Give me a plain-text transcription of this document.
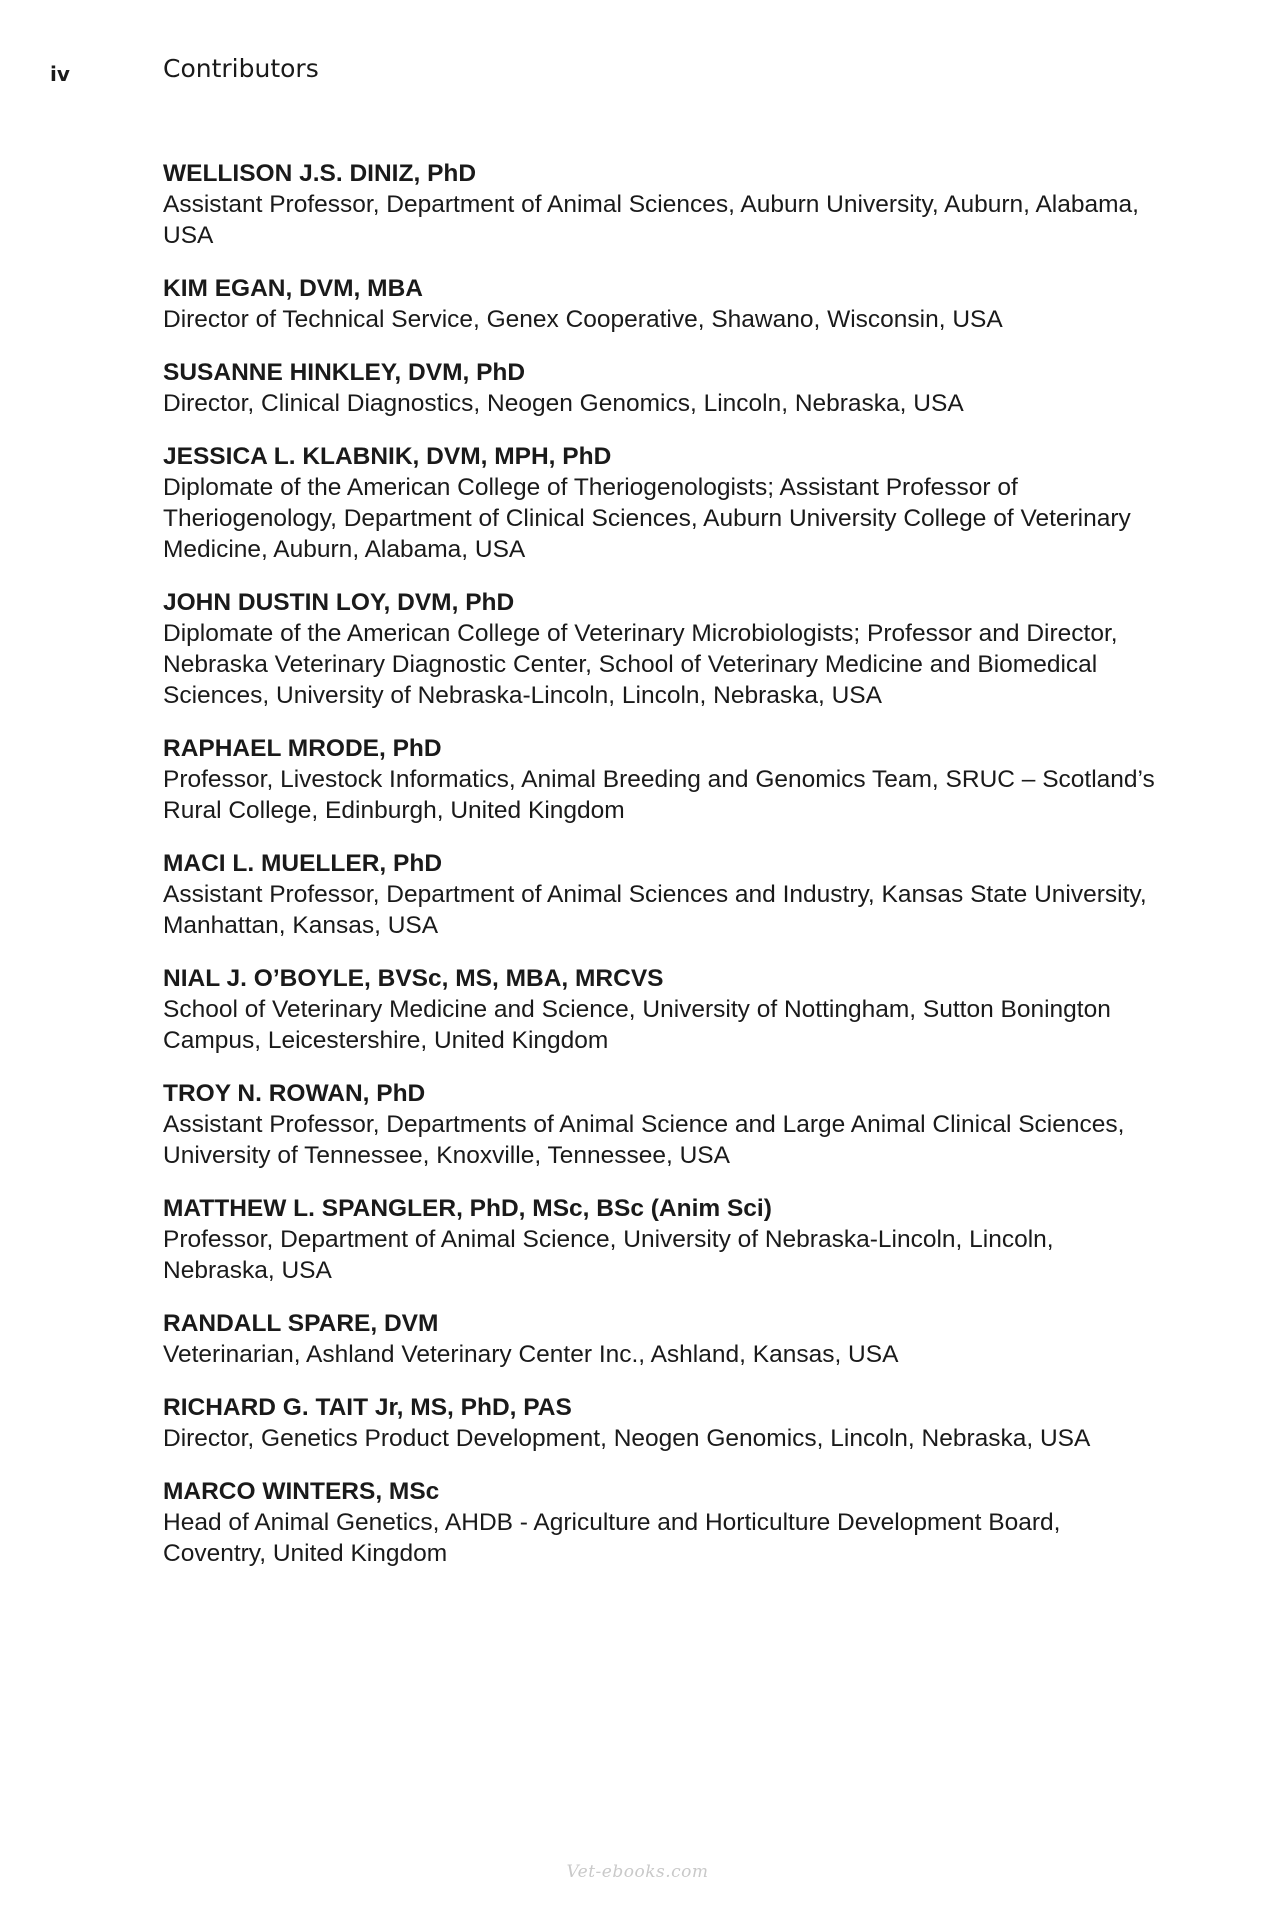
iv	Contributors
WELLISON J.S. DINIZ, PhD
Assistant Professor, Department of Animal Sciences, Auburn University, Auburn, Alabama, USA
KIM EGAN, DVM, MBA
Director of Technical Service, Genex Cooperative, Shawano, Wisconsin, USA
SUSANNE HINKLEY, DVM, PhD
Director, Clinical Diagnostics, Neogen Genomics, Lincoln, Nebraska, USA
JESSICA L. KLABNIK, DVM, MPH, PhD
Diplomate of the American College of Theriogenologists; Assistant Professor of Theriogenology, Department of Clinical Sciences, Auburn University College of Veterinary Medicine, Auburn, Alabama, USA
JOHN DUSTIN LOY, DVM, PhD
Diplomate of the American College of Veterinary Microbiologists; Professor and Director, Nebraska Veterinary Diagnostic Center, School of Veterinary Medicine and Biomedical Sciences, University of Nebraska-Lincoln, Lincoln, Nebraska, USA
RAPHAEL MRODE, PhD
Professor, Livestock Informatics, Animal Breeding and Genomics Team, SRUC – Scotland’s Rural College, Edinburgh, United Kingdom
MACI L. MUELLER, PhD
Assistant Professor, Department of Animal Sciences and Industry, Kansas State University, Manhattan, Kansas, USA
NIAL J. O’BOYLE, BVSc, MS, MBA, MRCVS
School of Veterinary Medicine and Science, University of Nottingham, Sutton Bonington Campus, Leicestershire, United Kingdom
TROY N. ROWAN, PhD
Assistant Professor, Departments of Animal Science and Large Animal Clinical Sciences, University of Tennessee, Knoxville, Tennessee, USA
MATTHEW L. SPANGLER, PhD, MSc, BSc (Anim Sci)
Professor, Department of Animal Science, University of Nebraska-Lincoln, Lincoln, Nebraska, USA
RANDALL SPARE, DVM
Veterinarian, Ashland Veterinary Center Inc., Ashland, Kansas, USA
RICHARD G. TAIT Jr, MS, PhD, PAS
Director, Genetics Product Development, Neogen Genomics, Lincoln, Nebraska, USA
MARCO WINTERS, MSc
Head of Animal Genetics, AHDB - Agriculture and Horticulture Development Board, Coventry, United Kingdom
Vet-ebooks.com
